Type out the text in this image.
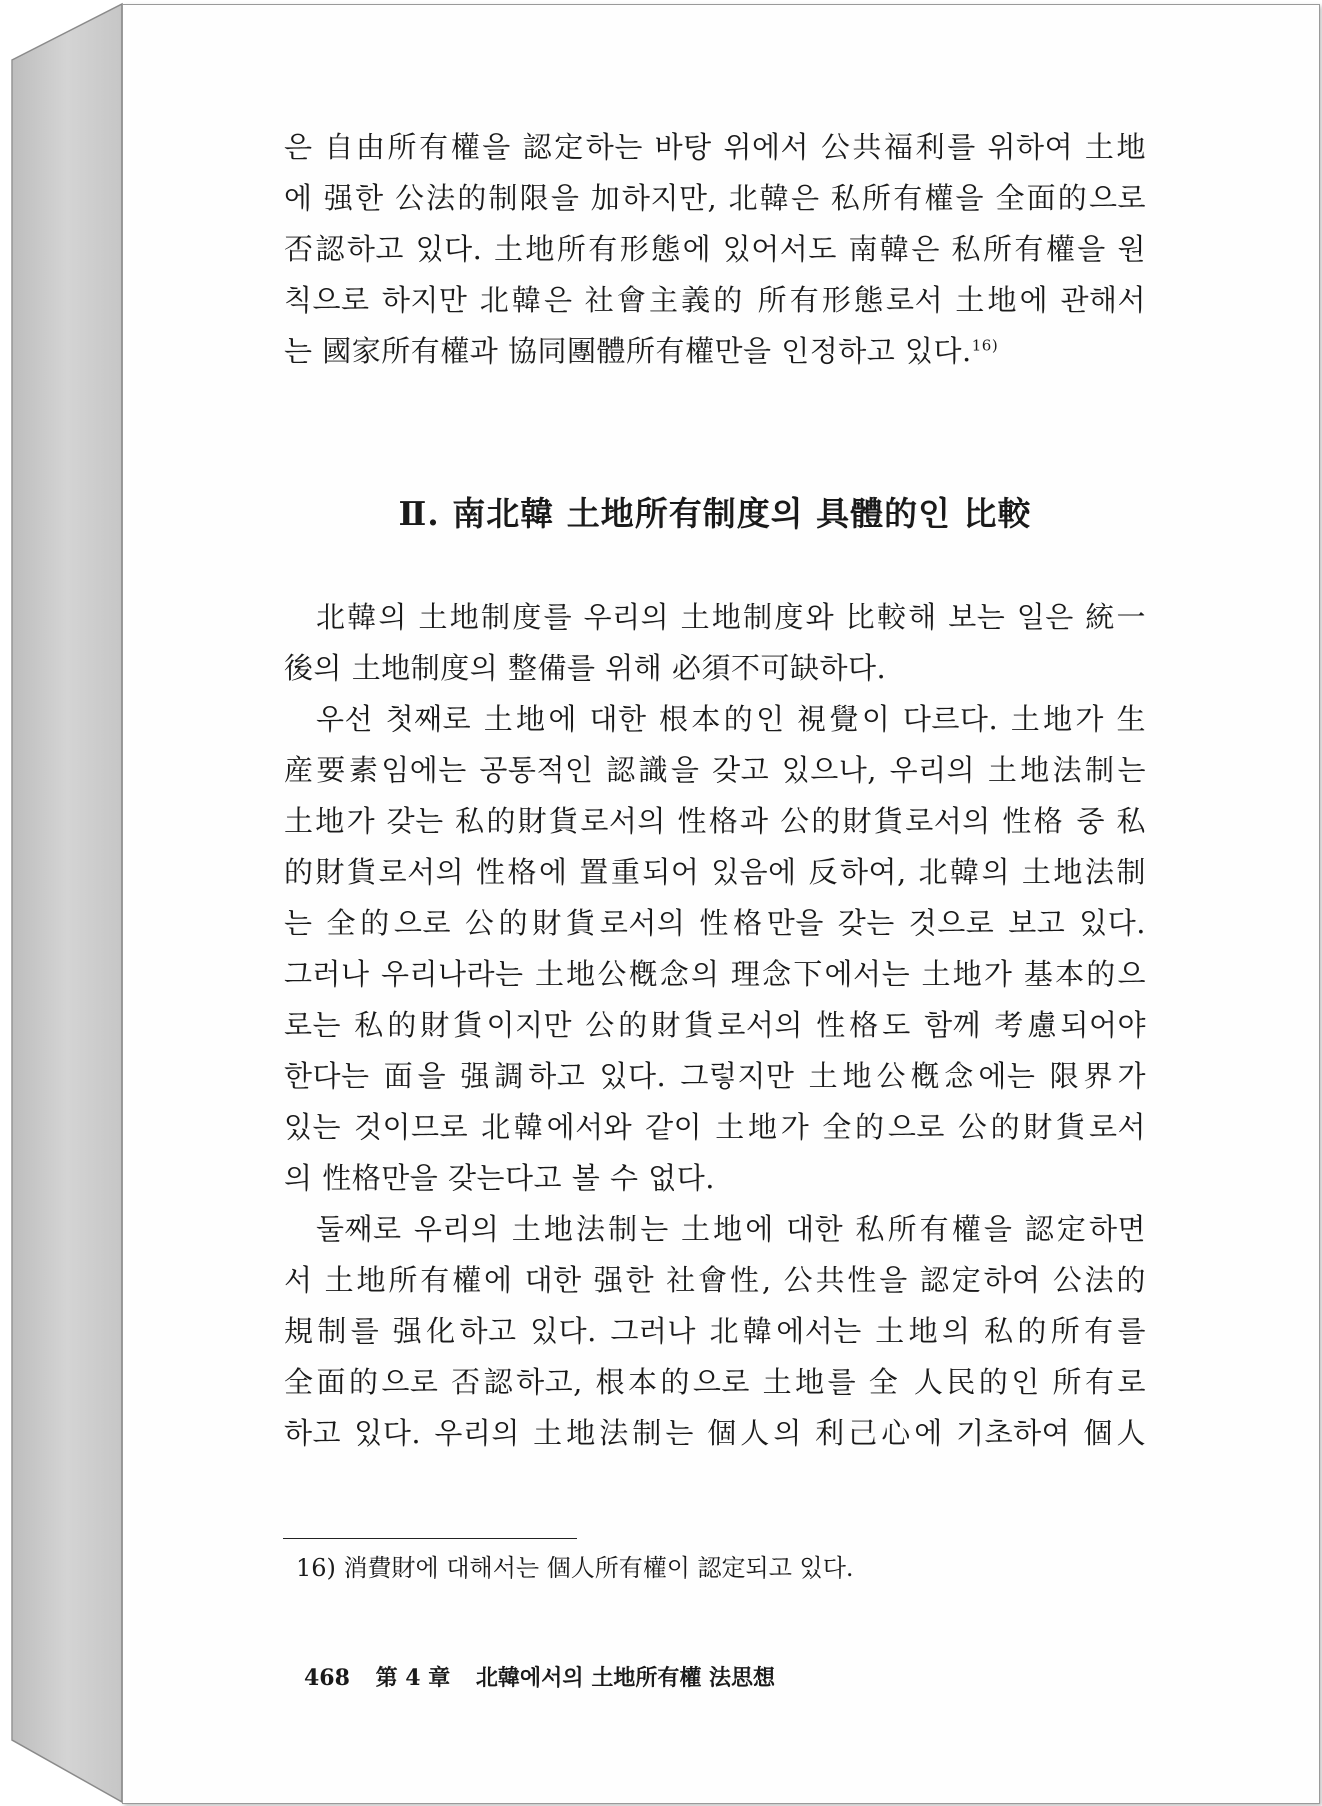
은 自由所有權을 認定하는 바탕 위에서 公共福利를 위하여 土地
에 强한 公法的制限을 加하지만, 北韓은 私所有權을 全面的으로
否認하고 있다. 土地所有形態에 있어서도 南韓은 私所有權을 원
칙으로 하지만 北韓은 社會主義的 所有形態로서 土地에 관해서
는 國家所有權과 協同團體所有權만을 인정하고 있다.$^{16)}$
Ⅱ. 南北韓 土地所有制度의 具體的인 比較
北韓의 土地制度를 우리의 土地制度와 比較해 보는 일은 統一
後의 土地制度의 整備를 위해 必須不可缺하다.
우선 첫째로 土地에 대한 根本的인 視覺이 다르다. 土地가 生
産要素임에는 공통적인 認識을 갖고 있으나, 우리의 土地法制는
土地가 갖는 私的財貨로서의 性格과 公的財貨로서의 性格 중 私
的財貨로서의 性格에 置重되어 있음에 反하여, 北韓의 土地法制
는 全的으로 公的財貨로서의 性格만을 갖는 것으로 보고 있다.
그러나 우리나라는 土地公槪念의 理念下에서는 土地가 基本的으
로는 私的財貨이지만 公的財貨로서의 性格도 함께 考慮되어야
한다는 面을 强調하고 있다. 그렇지만 土地公槪念에는 限界가
있는 것이므로 北韓에서와 같이 土地가 全的으로 公的財貨로서
의 性格만을 갖는다고 볼 수 없다.
둘째로 우리의 土地法制는 土地에 대한 私所有權을 認定하면
서 土地所有權에 대한 强한 社會性, 公共性을 認定하여 公法的
規制를 强化하고 있다. 그러나 北韓에서는 土地의 私的所有를
全面的으로 否認하고, 根本的으로 土地를 全 人民的인 所有로
하고 있다. 우리의 土地法制는 個人의 利己心에 기초하여 個人
16) 消費財에 대해서는 個人所有權이 認定되고 있다.
468 第 4 章 北韓에서의 土地所有權 法思想
